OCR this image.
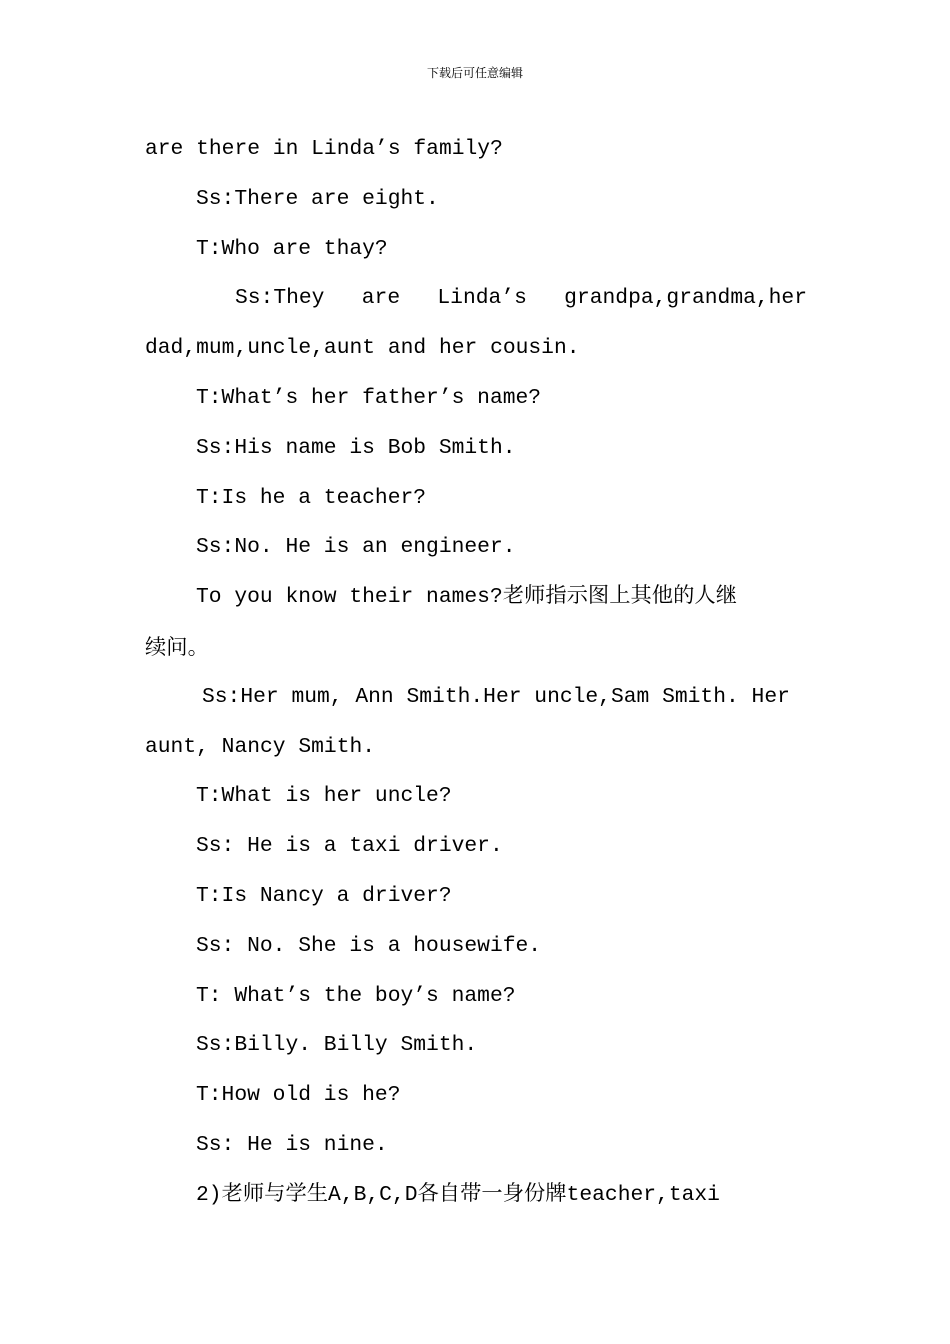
下载后可任意编辑
are there in Linda’s family?
Ss:There are eight.
T:Who are thay?
Ss:They are Linda’s grandpa,grandma,her
dad,mum,uncle,aunt and her cousin.
T:What’s her father’s name?
Ss:His name is Bob Smith.
T:Is he a teacher?
Ss:No. He is an engineer.
To you know their names?老师指示图上其他的人继
续问。
Ss:Her mum, Ann Smith.Her uncle,Sam Smith. Her
aunt, Nancy Smith.
T:What is her uncle?
Ss: He is a taxi driver.
T:Is Nancy a driver?
Ss: No. She is a housewife.
T: What’s the boy’s name?
Ss:Billy. Billy Smith.
T:How old is he?
Ss: He is nine.
2)老师与学生A,B,C,D各自带一身份牌teacher,taxi
